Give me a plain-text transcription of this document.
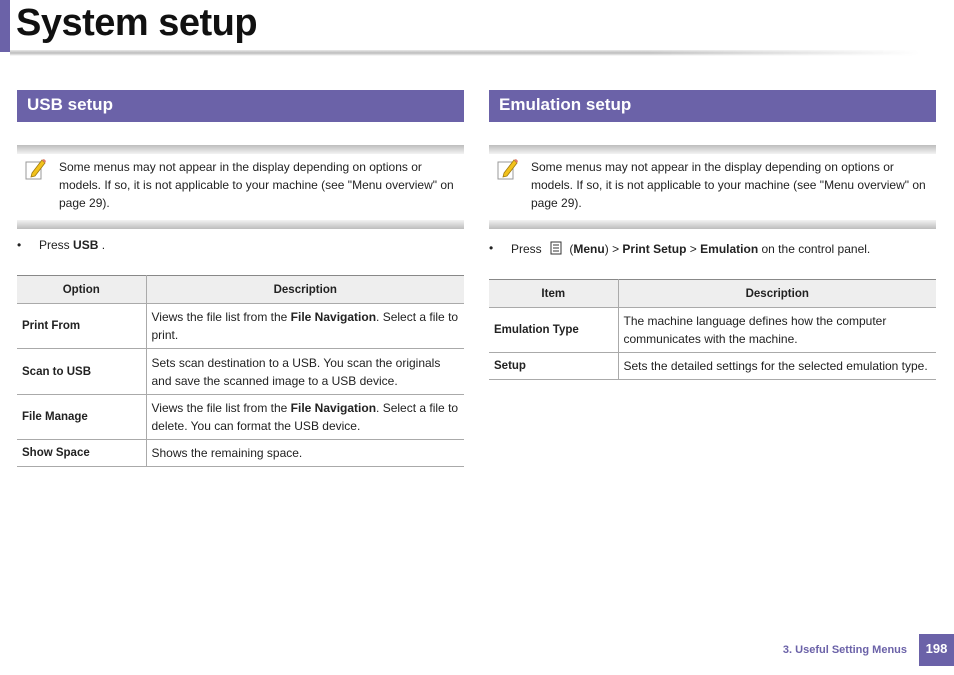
System setup
USB setup
Some menus may not appear in the display depending on options or models. If so, it is not applicable to your machine (see "Menu overview" on page 29).
• Press USB .
Option	Description
Print From	Views the file list from the File Navigation. Select a file to print.
Scan to USB	Sets scan destination to a USB. You scan the originals and save the scanned image to a USB device.
File Manage	Views the file list from the File Navigation. Select a file to delete. You can format the USB device.
Show Space	Shows the remaining space.
Emulation setup
Some menus may not appear in the display depending on options or models. If so, it is not applicable to your machine (see "Menu overview" on page 29).
• Press (Menu) > Print Setup > Emulation on the control panel.
Item	Description
Emulation Type	The machine language defines how the computer communicates with the machine.
Setup	Sets the detailed settings for the selected emulation type.
3. Useful Setting Menus	198
